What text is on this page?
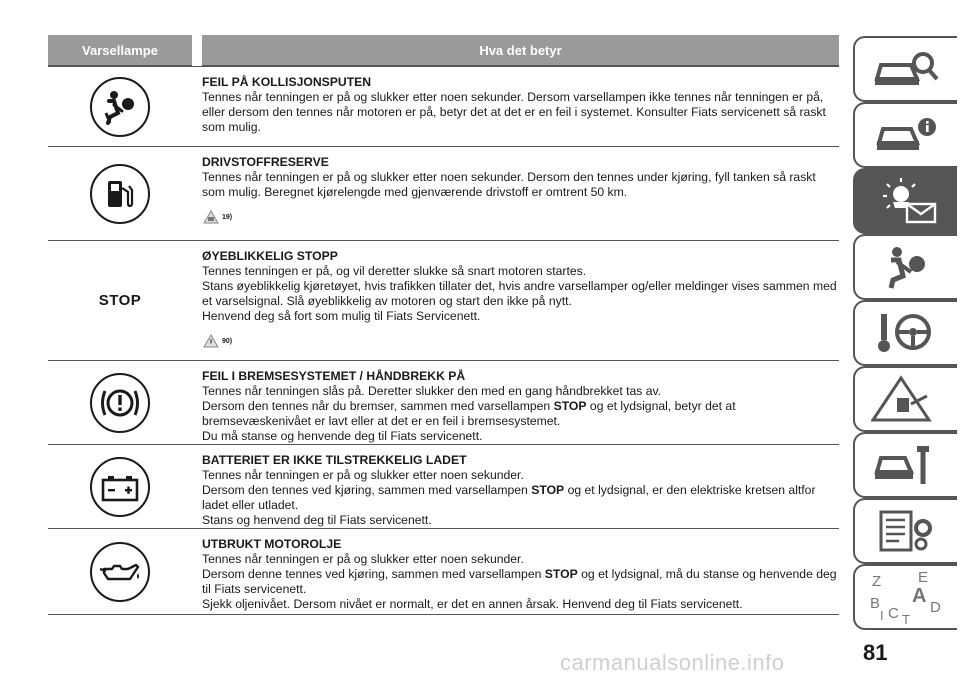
Varsellampe	Hva det betyr
FEIL PÅ KOLLISJONSPUTEN
Tennes når tenningen er på og slukker etter noen sekunder. Dersom varsellampen ikke tennes når tenningen er på, eller dersom den tennes når motoren er på, betyr det at det er en feil i systemet. Konsulter Fiats servicenett så raskt som mulig.
DRIVSTOFFRESERVE
Tennes når tenningen er på og slukker etter noen sekunder. Dersom den tennes under kjøring, fyll tanken så raskt som mulig. Beregnet kjørelengde med gjenværende drivstoff er omtrent 50 km.
19)
STOP
ØYEBLIKKELIG STOPP
Tennes tenningen er på, og vil deretter slukke så snart motoren startes.
Stans øyeblikkelig kjøretøyet, hvis trafikken tillater det, hvis andre varsellamper og/eller meldinger vises sammen med et varselsignal. Slå øyeblikkelig av motoren og start den ikke på nytt.
Henvend deg så fort som mulig til Fiats Servicenett.
90)
FEIL I BREMSESYSTEMET / HÅNDBREKK PÅ
Tennes når tenningen slås på. Deretter slukker den med en gang håndbrekket tas av.
Dersom den tennes når du bremser, sammen med varsellampen STOP og et lydsignal, betyr det at bremsevæskenivået er lavt eller at det er en feil i bremsesystemet.
Du må stanse og henvende deg til Fiats servicenett.
BATTERIET ER IKKE TILSTREKKELIG LADET
Tennes når tenningen er på og slukker etter noen sekunder.
Dersom den tennes ved kjøring, sammen med varsellampen STOP og et lydsignal, er den elektriske kretsen altfor ladet eller utladet.
Stans og henvend deg til Fiats servicenett.
UTBRUKT MOTOROLJE
Tennes når tenningen er på og slukker etter noen sekunder.
Dersom denne tennes ved kjøring, sammen med varsellampen STOP og et lydsignal, må du stanse og henvende deg til Fiats servicenett.
Sjekk oljenivået. Dersom nivået er normalt, er det en annen årsak. Henvend deg til Fiats servicenett.
Z E
A
B
C D
I T
81
carmanualsonline.info
